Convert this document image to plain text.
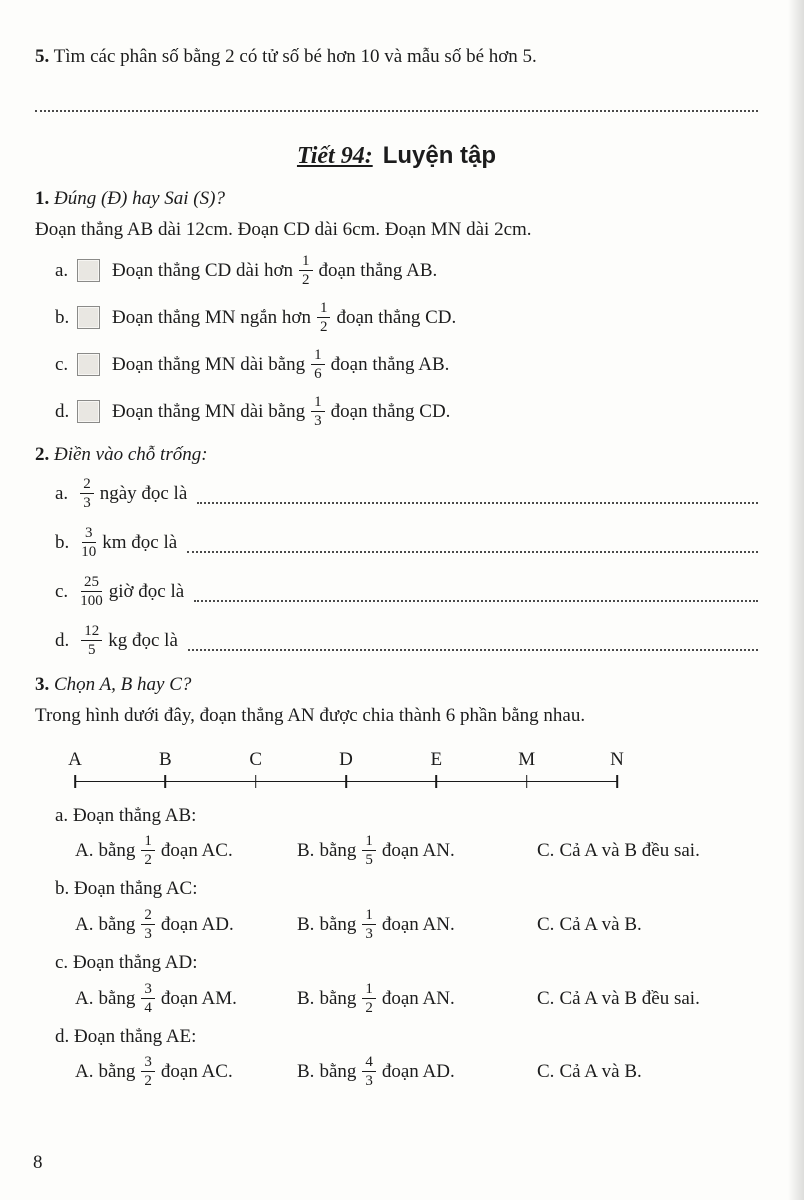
5. Tìm các phân số bằng 2 có tử số bé hơn 10 và mẫu số bé hơn 5.

Tiết 94: Luyện tập

1. Đúng (Đ) hay Sai (S)?

Đoạn thẳng AB dài 12cm. Đoạn CD dài 6cm. Đoạn MN dài 2cm.

a.	Đoạn thẳng CD dài hơn $\frac{1}{2}$ đoạn thẳng AB.
b.	Đoạn thẳng MN ngắn hơn $\frac{1}{2}$ đoạn thẳng CD.
c.	Đoạn thẳng MN dài bằng $\frac{1}{6}$ đoạn thẳng AB.
d.	Đoạn thẳng MN dài bằng $\frac{1}{3}$ đoạn thẳng CD.

2. Điền vào chỗ trống:

a. $\frac{2}{3}$ ngày đọc là
b. $\frac{3}{10}$ km đọc là
c. $\frac{25}{100}$ giờ đọc là
d. $\frac{12}{5}$ kg đọc là

3. Chọn A, B hay C?

Trong hình dưới đây, đoạn thẳng AN được chia thành 6 phần bằng nhau.

A	B	C	D	E	M	N

a. Đoạn thẳng AB:

A. bằng $\frac{1}{2}$ đoạn AC.	B. bằng $\frac{1}{5}$ đoạn AN.	C. Cả A và B đều sai.

b. Đoạn thẳng AC:

A. bằng $\frac{2}{3}$ đoạn AD.	B. bằng $\frac{1}{3}$ đoạn AN.	C. Cả A và B.

c. Đoạn thẳng AD:

A. bằng $\frac{3}{4}$ đoạn AM.	B. bằng $\frac{1}{2}$ đoạn AN.	C. Cả A và B đều sai.

d. Đoạn thẳng AE:

A. bằng $\frac{3}{2}$ đoạn AC.	B. bằng $\frac{4}{3}$ đoạn AD.	C. Cả A và B.
8
